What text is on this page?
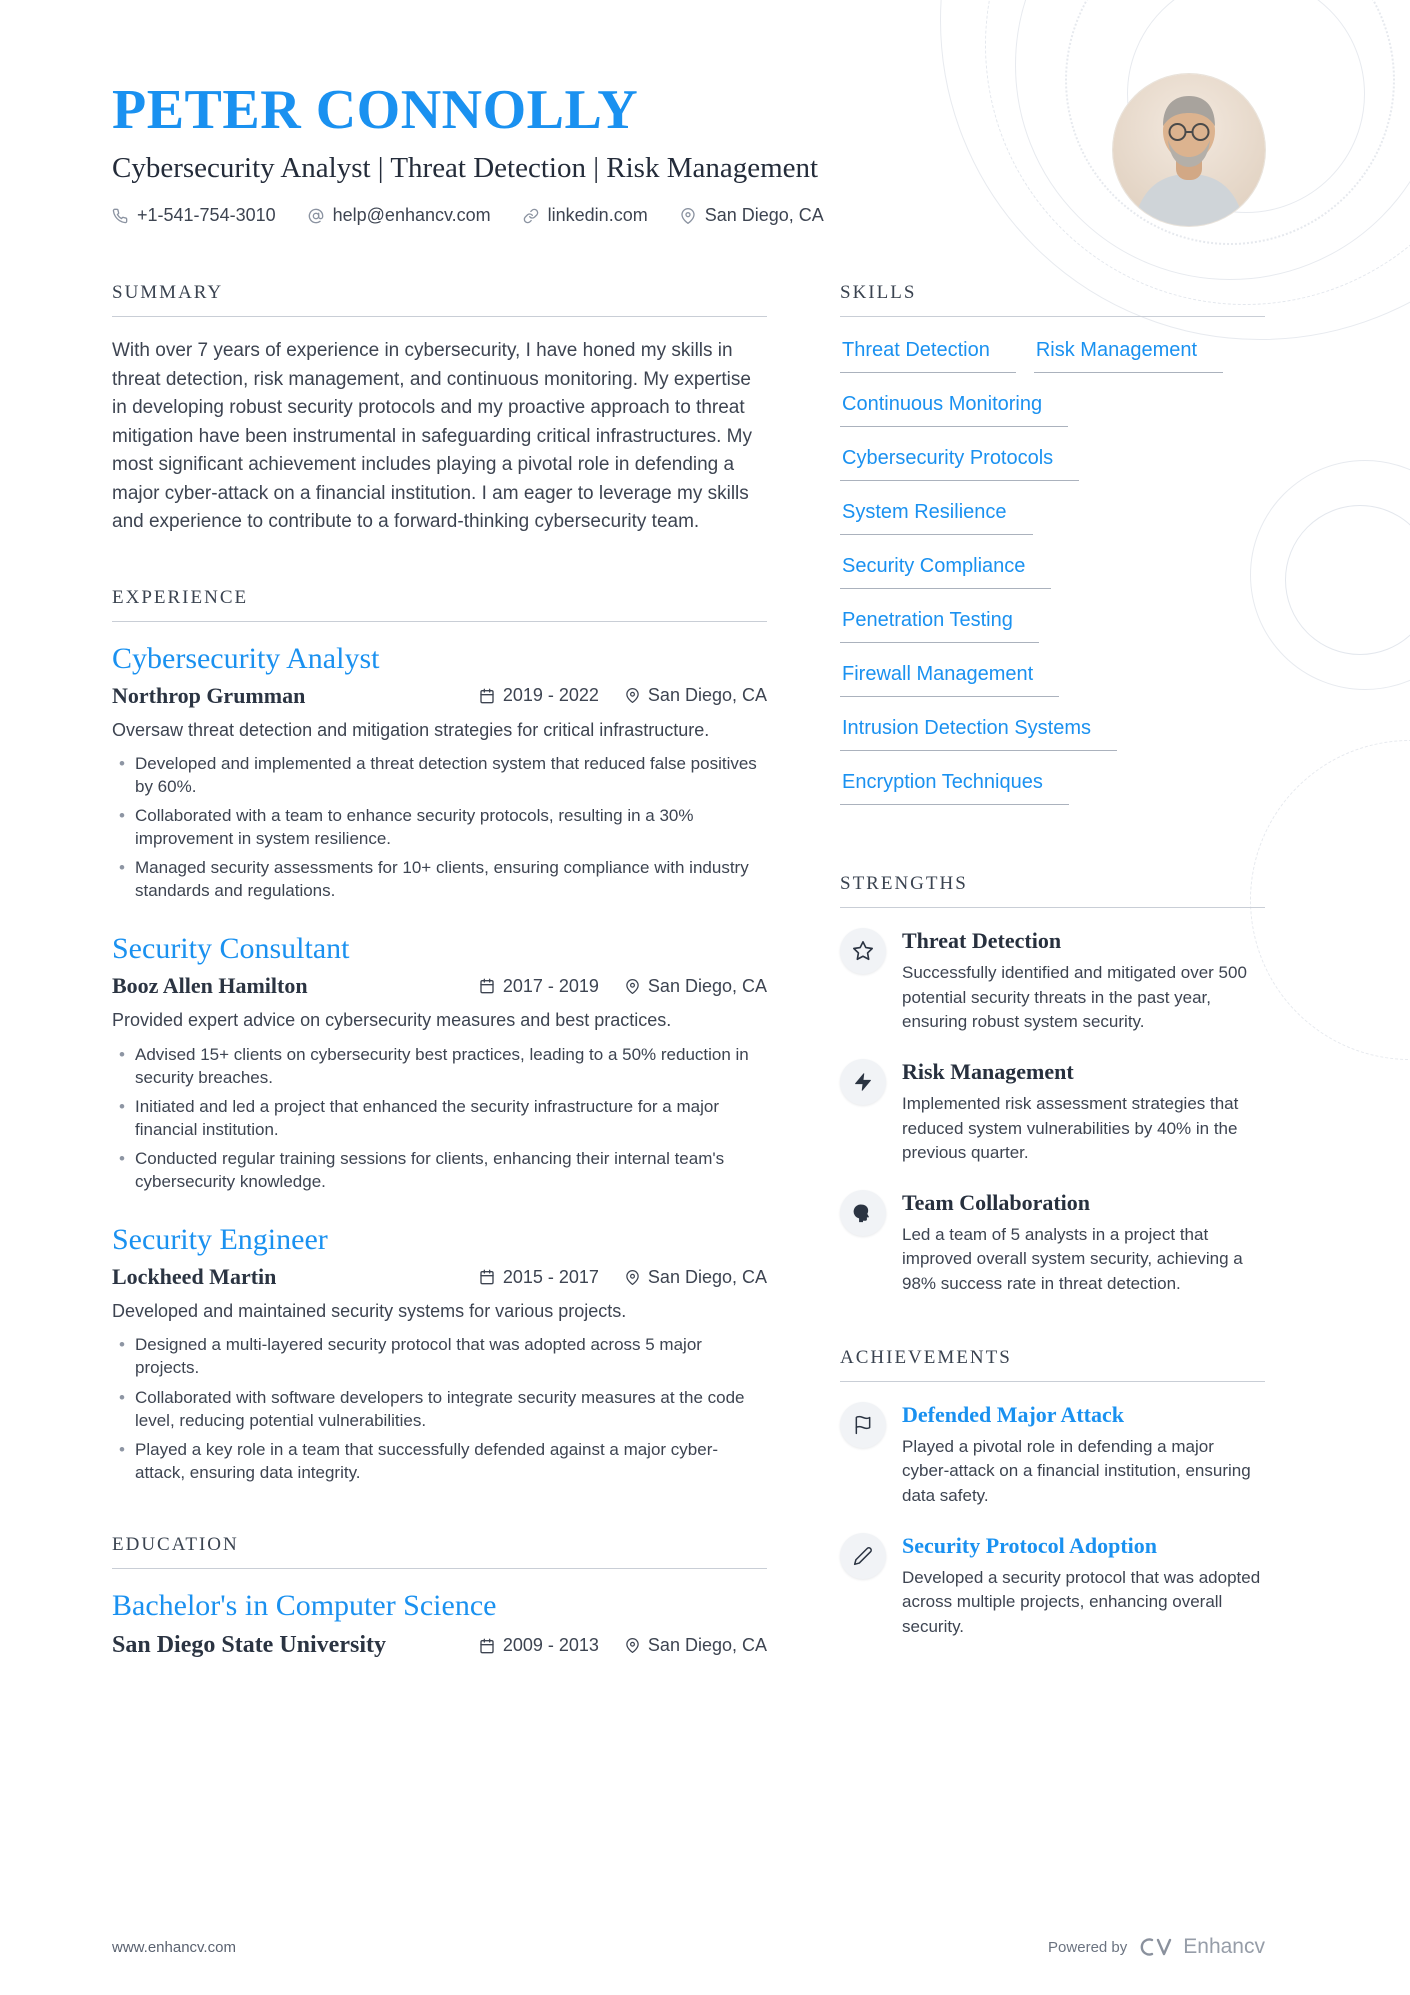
PETER CONNOLLY
Cybersecurity Analyst | Threat Detection | Risk Management
+1-541-754-3010	help@enhancv.com	linkedin.com	San Diego, CA
SUMMARY

With over 7 years of experience in cybersecurity, I have honed my skills in threat detection, risk management, and continuous monitoring. My expertise in developing robust security protocols and my proactive approach to threat mitigation have been instrumental in safeguarding critical infrastructures. My most significant achievement includes playing a pivotal role in defending a major cyber-attack on a financial institution. I am eager to leverage my skills and experience to contribute to a forward-thinking cybersecurity team.

EXPERIENCE
Cybersecurity Analyst
Northrop Grumman	2019 - 2022	San Diego, CA
Oversaw threat detection and mitigation strategies for critical infrastructure.
• Developed and implemented a threat detection system that reduced false positives by 60%.
• Collaborated with a team to enhance security protocols, resulting in a 30% improvement in system resilience.
• Managed security assessments for 10+ clients, ensuring compliance with industry standards and regulations.
Security Consultant
Booz Allen Hamilton	2017 - 2019	San Diego, CA
Provided expert advice on cybersecurity measures and best practices.
• Advised 15+ clients on cybersecurity best practices, leading to a 50% reduction in security breaches.
• Initiated and led a project that enhanced the security infrastructure for a major financial institution.
• Conducted regular training sessions for clients, enhancing their internal team's cybersecurity knowledge.
Security Engineer
Lockheed Martin	2015 - 2017	San Diego, CA
Developed and maintained security systems for various projects.
• Designed a multi-layered security protocol that was adopted across 5 major projects.
• Collaborated with software developers to integrate security measures at the code level, reducing potential vulnerabilities.
• Played a key role in a team that successfully defended against a major cyber-attack, ensuring data integrity.
EDUCATION
Bachelor's in Computer Science
San Diego State University	2009 - 2013	San Diego, CA
SKILLS
Threat Detection	Risk Management
Continuous Monitoring
Cybersecurity Protocols
System Resilience
Security Compliance
Penetration Testing
Firewall Management
Intrusion Detection Systems
Encryption Techniques
STRENGTHS
Threat Detection
Successfully identified and mitigated over 500 potential security threats in the past year, ensuring robust system security.
Risk Management
Implemented risk assessment strategies that reduced system vulnerabilities by 40% in the previous quarter.
Team Collaboration
Led a team of 5 analysts in a project that improved overall system security, achieving a 98% success rate in threat detection.
ACHIEVEMENTS
Defended Major Attack
Played a pivotal role in defending a major cyber-attack on a financial institution, ensuring data safety.
Security Protocol Adoption
Developed a security protocol that was adopted across multiple projects, enhancing overall security.
www.enhancv.com	Powered by	Enhancv
